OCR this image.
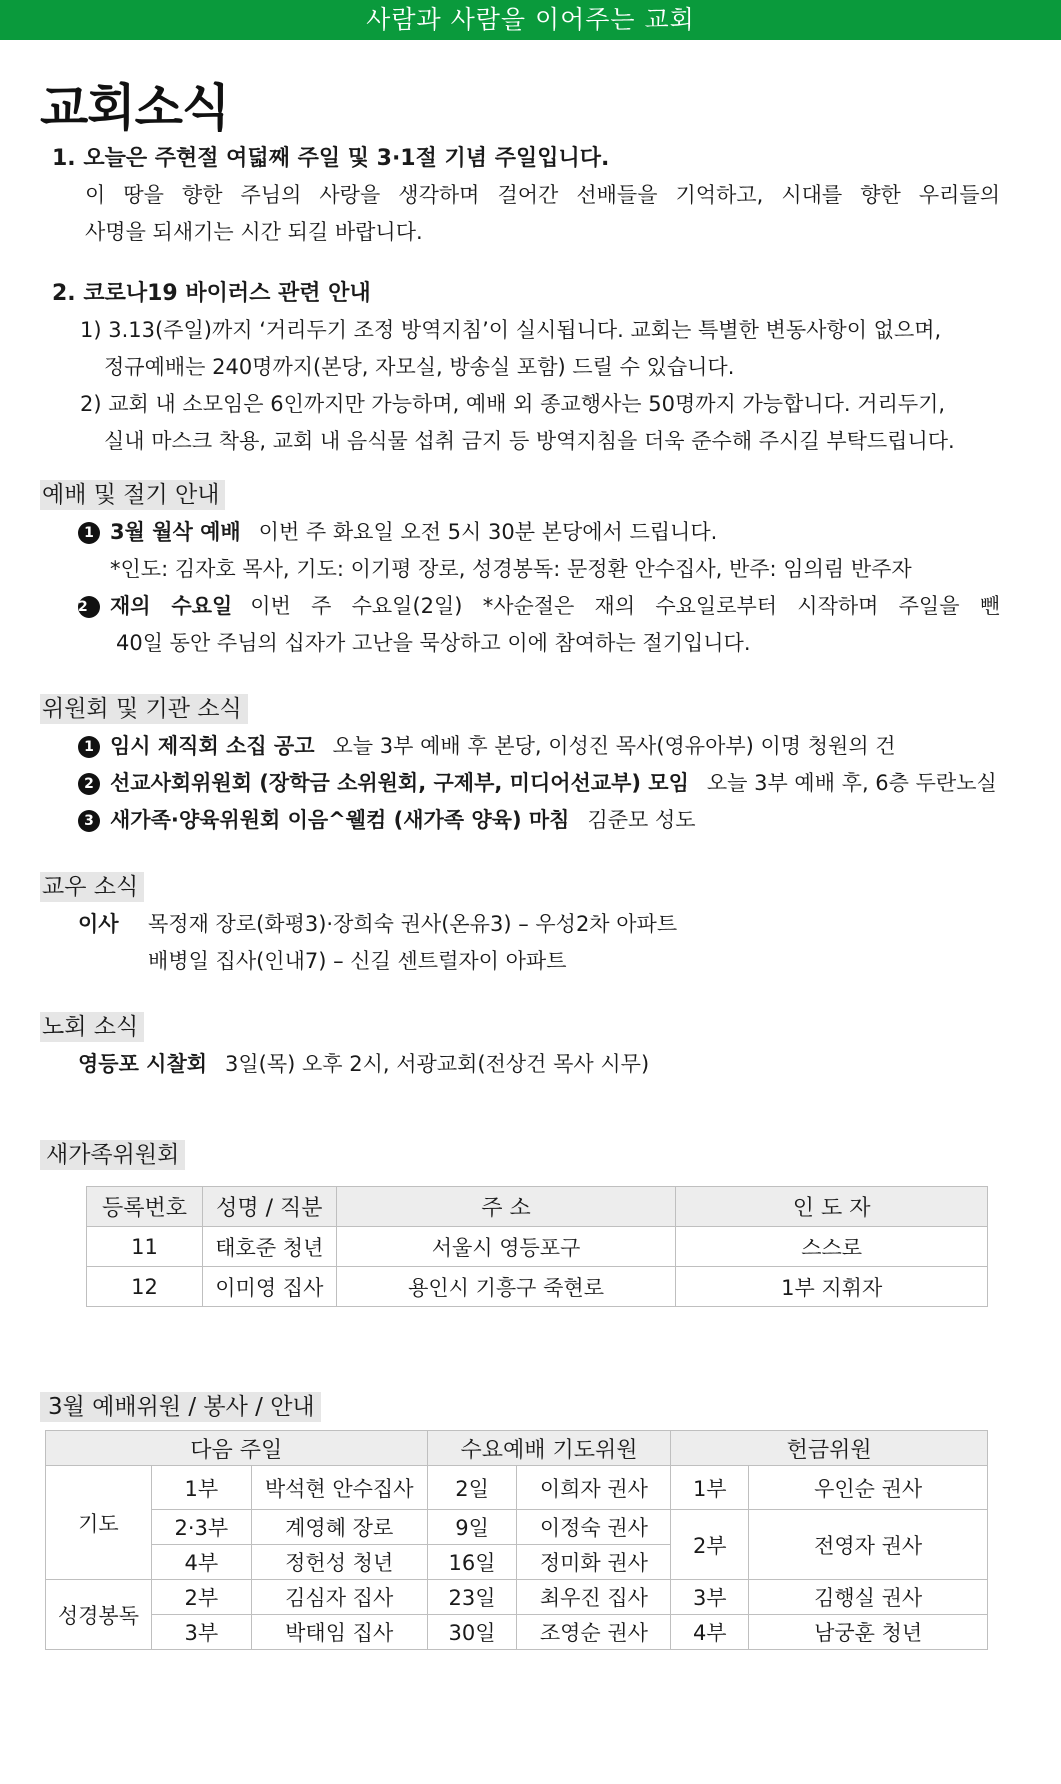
사람과 사람을 이어주는 교회
교회소식
1. 오늘은 주현절 여덟째 주일 및 3·1절 기념 주일입니다.
이 땅을 향한 주님의 사랑을 생각하며 걸어간 선배들을 기억하고, 시대를 향한 우리들의
사명을 되새기는 시간 되길 바랍니다.
2. 코로나19 바이러스 관련 안내
1) 3.13(주일)까지 ‘거리두기 조정 방역지침’이 실시됩니다. 교회는 특별한 변동사항이 없으며,
정규예배는 240명까지(본당, 자모실, 방송실 포함) 드릴 수 있습니다.
2) 교회 내 소모임은 6인까지만 가능하며, 예배 외 종교행사는 50명까지 가능합니다. 거리두기,
실내 마스크 착용, 교회 내 음식물 섭취 금지 등 방역지침을 더욱 준수해 주시길 부탁드립니다.
예배 및 절기 안내
1 3월 월삭 예배 이번 주 화요일 오전 5시 30분 본당에서 드립니다.
*인도: 김자호 목사, 기도: 이기평 장로, 성경봉독: 문정환 안수집사, 반주: 임의림 반주자
2 재의 수요일 이번 주 수요일(2일) *사순절은 재의 수요일로부터 시작하며 주일을 뺀
40일 동안 주님의 십자가 고난을 묵상하고 이에 참여하는 절기입니다.
위원회 및 기관 소식
1 임시 제직회 소집 공고 오늘 3부 예배 후 본당, 이성진 목사(영유아부) 이명 청원의 건
2 선교사회위원회 (장학금 소위원회, 구제부, 미디어선교부) 모임 오늘 3부 예배 후, 6층 두란노실
3 새가족·양육위원회 이음^웰컴 (새가족 양육) 마침 김준모 성도
교우 소식
이사 목정재 장로(화평3)·장희숙 권사(온유3) – 우성2차 아파트
배병일 집사(인내7) – 신길 센트럴자이 아파트
노회 소식
영등포 시찰회 3일(목) 오후 2시, 서광교회(전상건 목사 시무)
새가족위원회
등록번호	성명 / 직분	주 소	인 도 자
11	태호준 청년	서울시 영등포구	스스로
12	이미영 집사	용인시 기흥구 죽현로	1부 지휘자
3월 예배위원 / 봉사 / 안내
다음 주일			수요예배 기도위원		헌금위원	
기도	1부	박석현 안수집사	2일	이희자 권사	1부	우인순 권사
	2·3부	계영혜 장로	9일	이정숙 권사	2부	전영자 권사
	4부	정헌성 청년	16일	정미화 권사		
성경봉독	2부	김심자 집사	23일	최우진 집사	3부	김행실 권사
	3부	박태임 집사	30일	조영순 권사	4부	남궁훈 청년
